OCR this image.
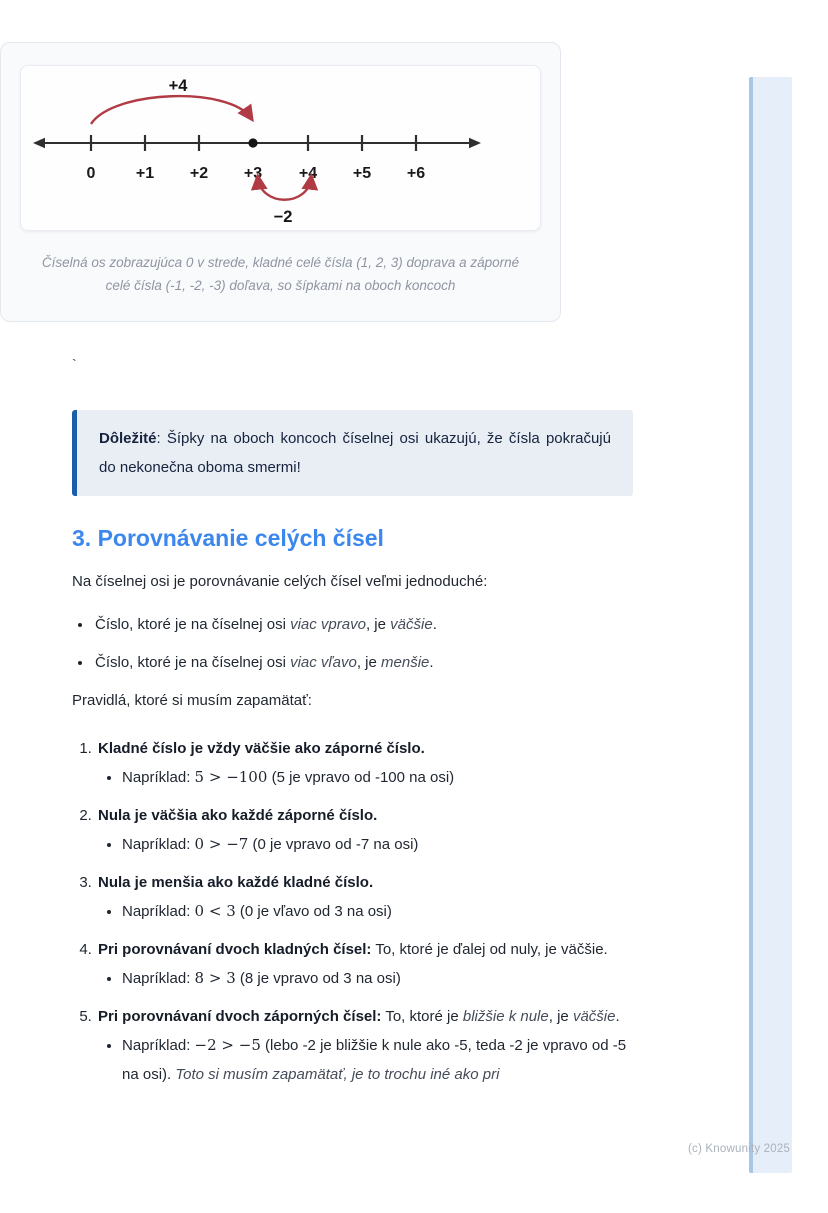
0	+1 +2 +3 +4 +5 +6
+4
−2
Číselná os zobrazujúca 0 v strede, kladné celé čísla (1, 2, 3) doprava a záporné celé čísla (-1, -2, -3) doľava, so šípkami na oboch koncoch
`
Dôležité: Šípky na oboch koncoch číselnej osi ukazujú, že čísla pokračujú do nekonečna oboma smermi!
3. Porovnávanie celých čísel

Na číselnej osi je porovnávanie celých čísel veľmi jednoduché:

• Číslo, ktoré je na číselnej osi viac vpravo, je väčšie.
• Číslo, ktoré je na číselnej osi viac vľavo, je menšie.

Pravidlá, ktoré si musím zapamätať:

1. Kladné číslo je vždy väčšie ako záporné číslo.
• Napríklad: 5 > −100 (5 je vpravo od -100 na osi)
2. Nula je väčšia ako každé záporné číslo.
• Napríklad: 0 > −7 (0 je vpravo od -7 na osi)
3. Nula je menšia ako každé kladné číslo.
• Napríklad: 0 < 3 (0 je vľavo od 3 na osi)
4. Pri porovnávaní dvoch kladných čísel: To, ktoré je ďalej od nuly, je väčšie.
• Napríklad: 8 > 3 (8 je vpravo od 3 na osi)
5. Pri porovnávaní dvoch záporných čísel: To, ktoré je bližšie k nule, je väčšie.
• Napríklad: −2 > −5 (lebo -2 je bližšie k nule ako -5, teda -2 je vpravo od -5 na osi). Toto si musím zapamätať, je to trochu iné ako pri
(c) Knowunity 2025
